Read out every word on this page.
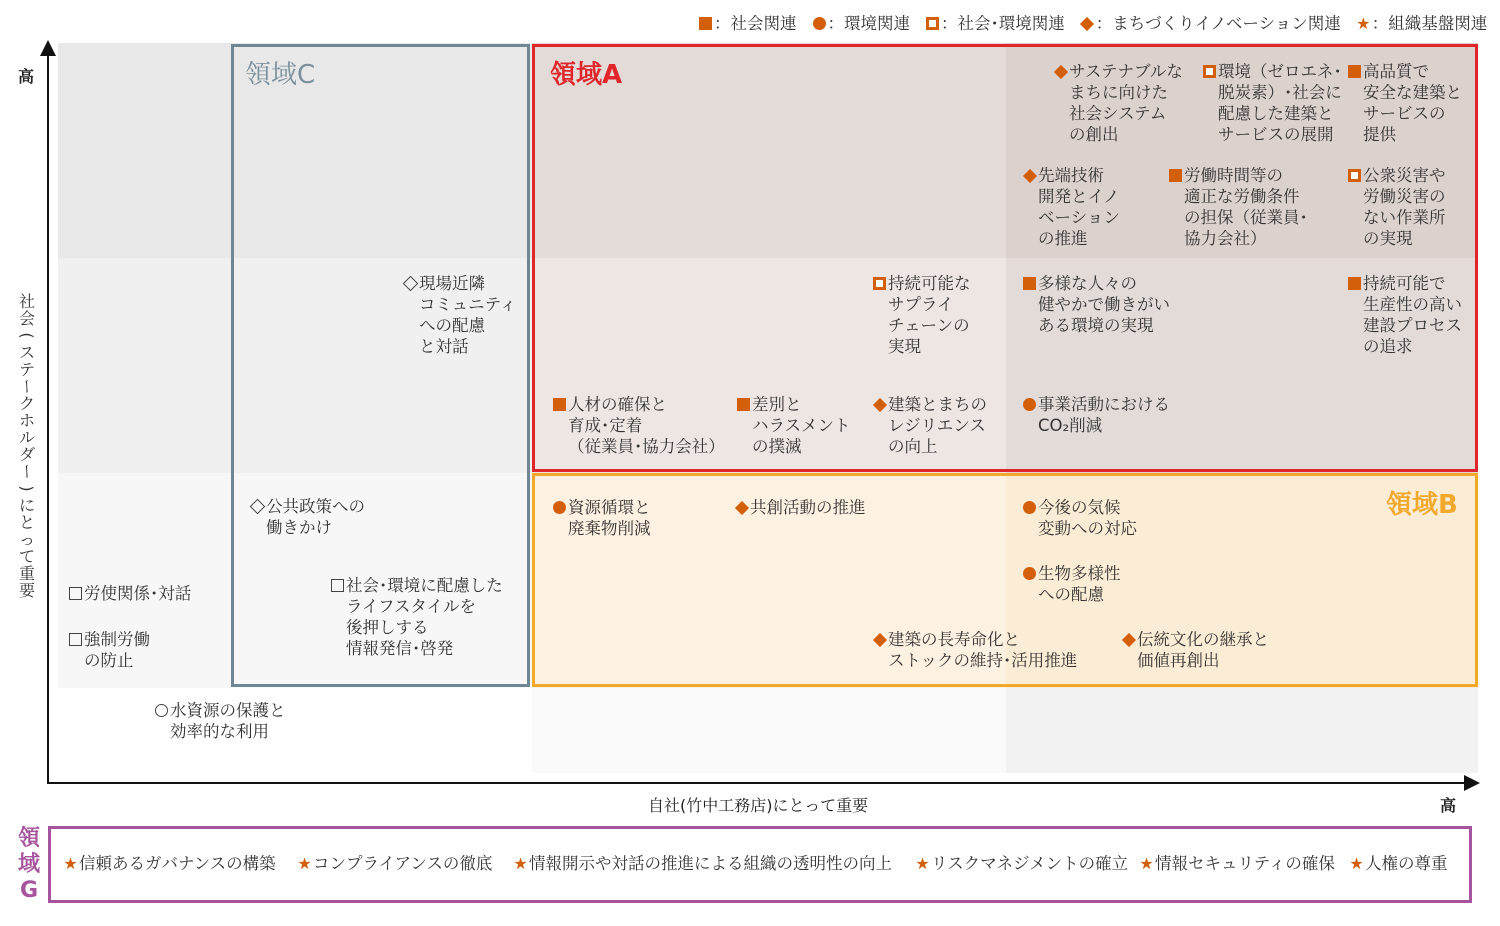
領域C	領域A
領域B
高
社
会
(
ス
テ
ー
ク
ホ
ル
ダ
ー
)
に
と
っ
て
重
要
自社(竹中工務店)にとって重要	高
：社会関連 ：環境関連 ：社会･環境関連 ：まちづくりイノベーション関連 ★ ：組織基盤関連
サステナブルな
まちに向けた
社会システム
の創出
環境（ゼロエネ･
脱炭素）･社会に
配慮した建築と
サービスの展開
高品質で
安全な建築と
サービスの
提供
先端技術
開発とイノ
ベーション
の推進
労働時間等の
適正な労働条件
の担保（従業員･
協力会社）
公衆災害や
労働災害の
ない作業所
の実現
現場近隣
コミュニティ
への配慮
と対話
持続可能な
サプライ
チェーンの
実現
多様な人々の
健やかで働きがい
ある環境の実現
持続可能で
生産性の高い
建設プロセス
の追求
人材の確保と
育成･定着
（従業員･協力会社）
差別と
ハラスメント
の撲滅
建築とまちの
レジリエンス
の向上
事業活動における
CO₂削減
公共政策への
働きかけ
資源循環と
廃棄物削減
共創活動の推進	今後の気候
変動への対応
生物多様性
への配慮
労使関係･対話
強制労働
の防止
社会･環境に配慮した
ライフスタイルを
後押しする
情報発信･啓発	建築の長寿命化と
ストックの維持･活用推進
伝統文化の継承と
価値再創出
水資源の保護と
効率的な利用
領
域
G
★信頼あるガバナンスの構築 ★	コンプライアンスの徹底 ★	情報開示や対話の推進による組織の透明性の向上 ★	リスクマネジメントの確立 ★	情報セキュリティの確保 ★	人権の尊重
